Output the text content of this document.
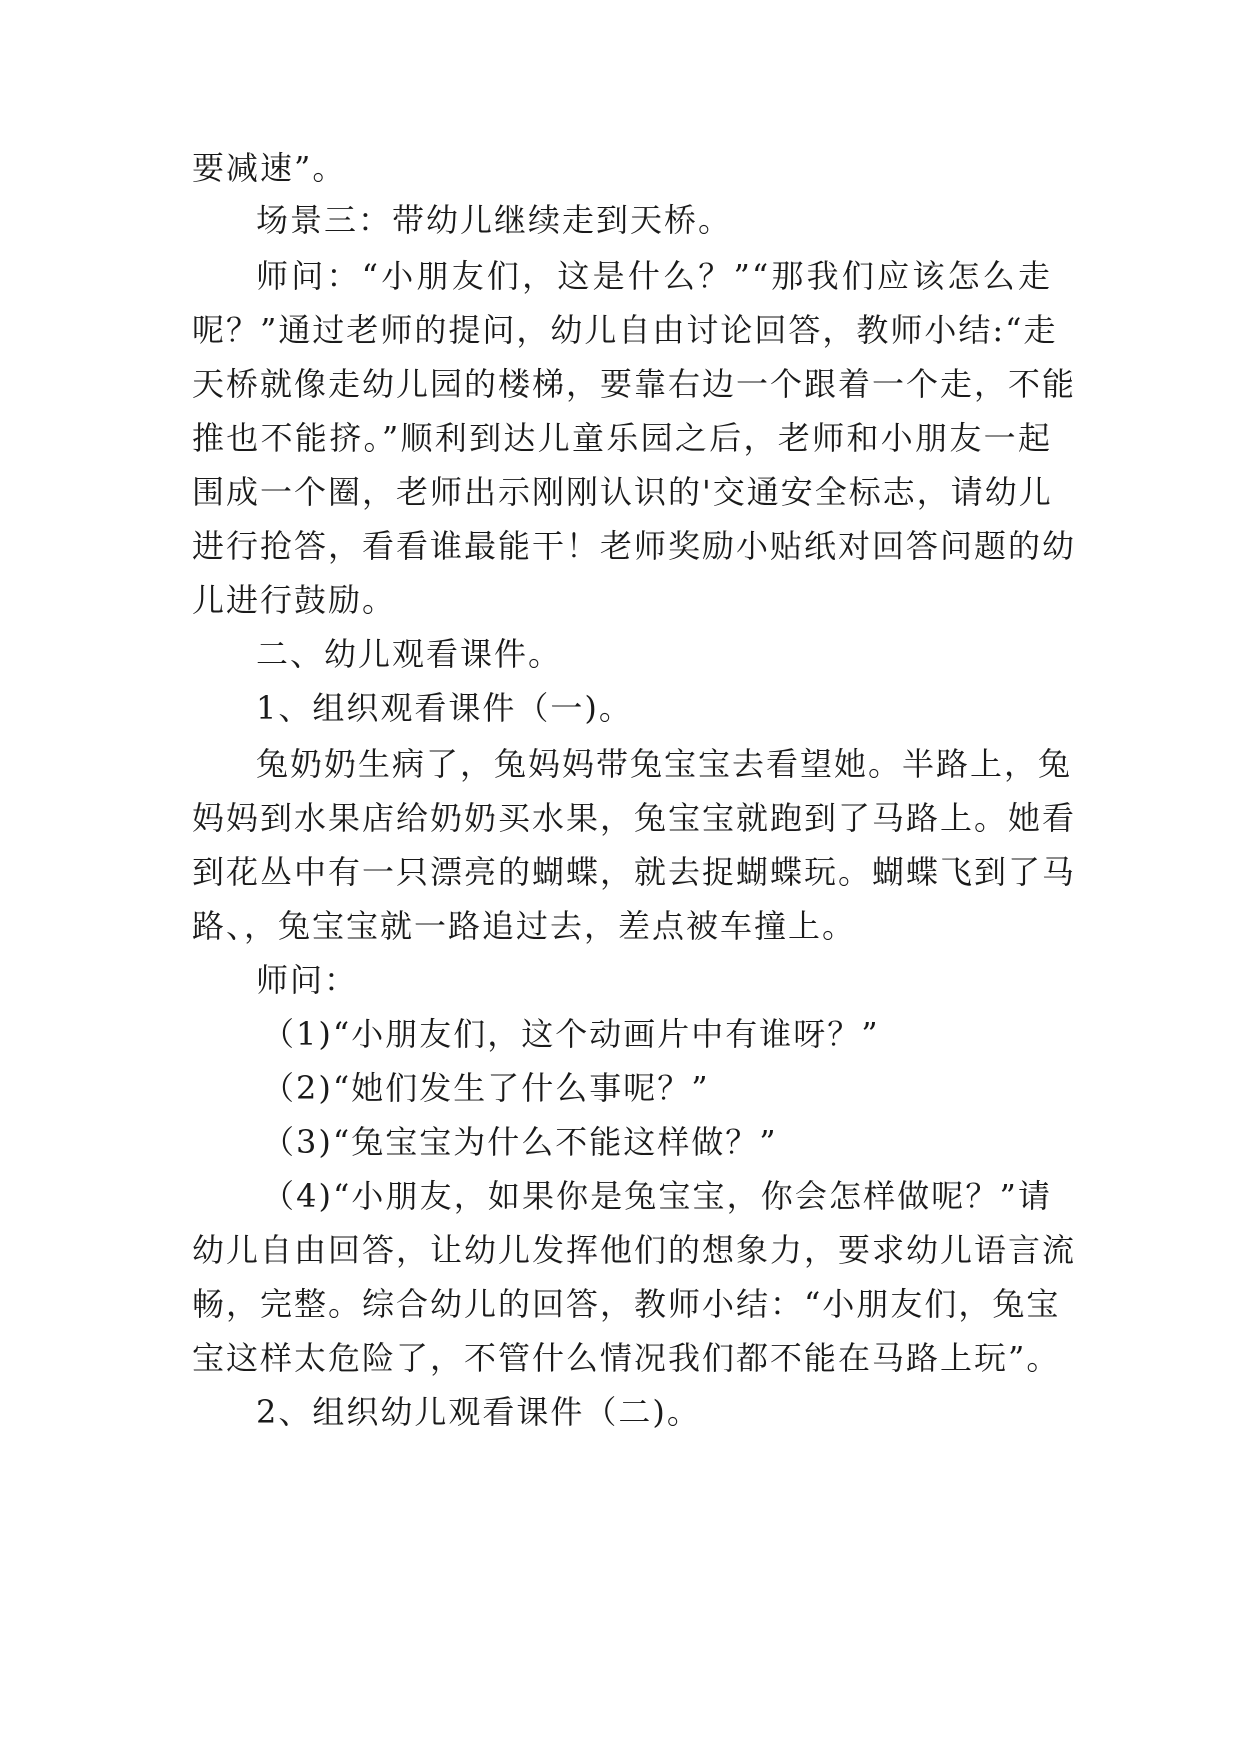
要减速”。
场景三：带幼儿继续走到天桥。
师问：“小朋友们，这是什么？”“那我们应该怎么走
呢？”通过老师的提问，幼儿自由讨论回答，教师小结:“走
天桥就像走幼儿园的楼梯，要靠右边一个跟着一个走，不能
推也不能挤。”顺利到达儿童乐园之后，老师和小朋友一起
围成一个圈，老师出示刚刚认识的'交通安全标志，请幼儿
进行抢答，看看谁最能干！老师奖励小贴纸对回答问题的幼
儿进行鼓励。
二、幼儿观看课件。
1、组织观看课件（一)。
兔奶奶生病了，兔妈妈带兔宝宝去看望她。半路上，兔
妈妈到水果店给奶奶买水果，兔宝宝就跑到了马路上。她看
到花丛中有一只漂亮的蝴蝶，就去捉蝴蝶玩。蝴蝶飞到了马
路、，兔宝宝就一路追过去，差点被车撞上。
师问：
（1)“小朋友们，这个动画片中有谁呀？”
（2)“她们发生了什么事呢？”
（3)“兔宝宝为什么不能这样做？”
（4)“小朋友，如果你是兔宝宝，你会怎样做呢？”请
幼儿自由回答，让幼儿发挥他们的想象力，要求幼儿语言流
畅，完整。综合幼儿的回答，教师小结：“小朋友们，兔宝
宝这样太危险了，不管什么情况我们都不能在马路上玩”。
2、组织幼儿观看课件（二)。
